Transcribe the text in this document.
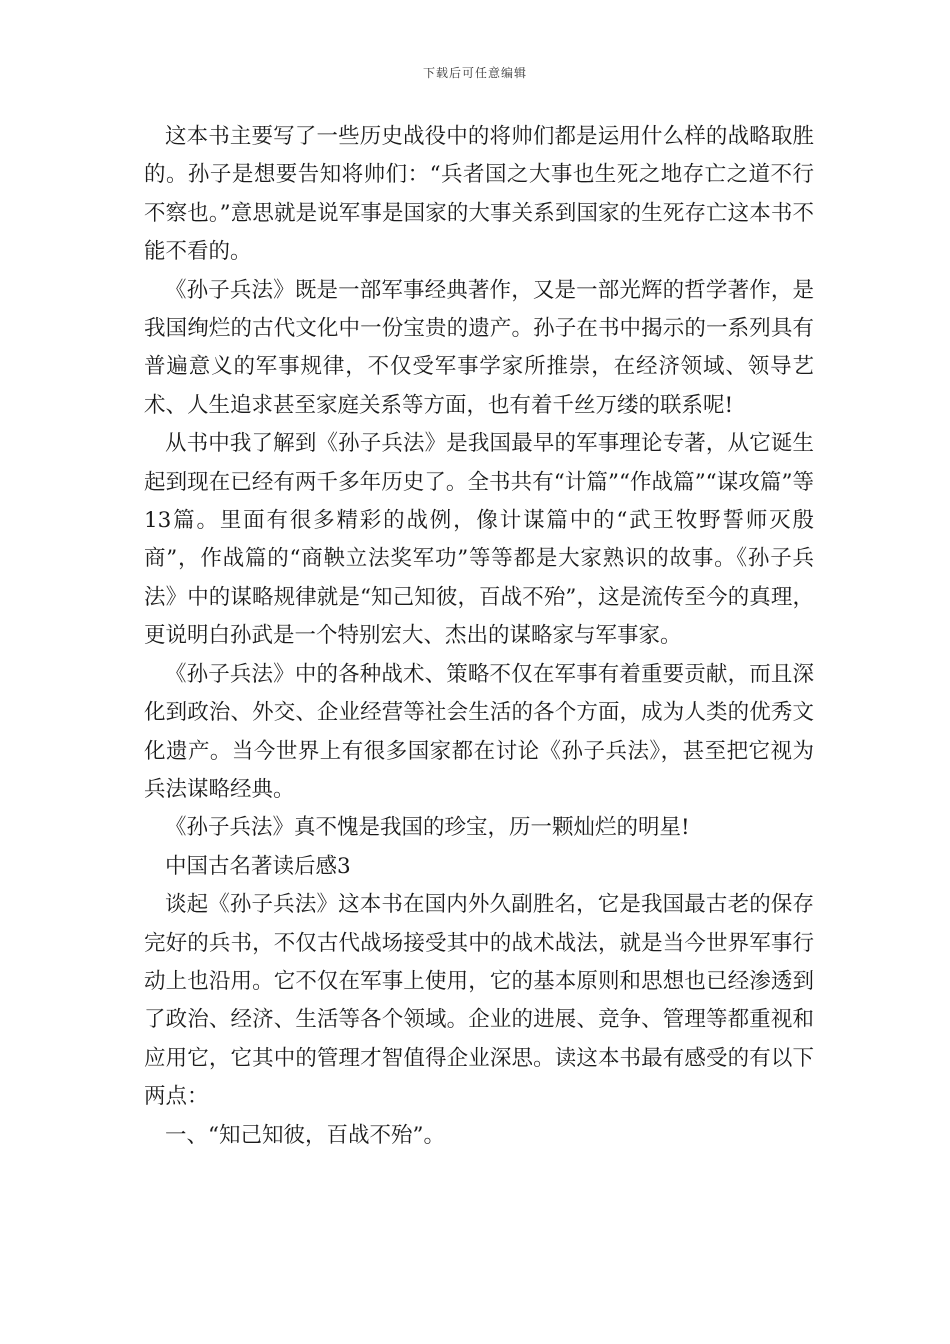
下载后可任意编辑

这本书主要写了一些历史战役中的将帅们都是运用什么样的战略取胜的。孙子是想要告知将帅们：“兵者国之大事也生死之地存亡之道不行不察也。”意思就是说军事是国家的大事关系到国家的生死存亡这本书不能不看的。

《孙子兵法》既是一部军事经典著作，又是一部光辉的哲学著作，是我国绚烂的古代文化中一份宝贵的遗产。孙子在书中揭示的一系列具有普遍意义的军事规律，不仅受军事学家所推崇，在经济领域、领导艺术、人生追求甚至家庭关系等方面，也有着千丝万缕的联系呢!

从书中我了解到《孙子兵法》是我国最早的军事理论专著，从它诞生起到现在已经有两千多年历史了。全书共有“计篇”“作战篇”“谋攻篇”等13篇。里面有很多精彩的战例，像计谋篇中的“武王牧野誓师灭殷商”，作战篇的“商鞅立法奖军功”等等都是大家熟识的故事。《孙子兵法》中的谋略规律就是“知己知彼，百战不殆”，这是流传至今的真理，更说明白孙武是一个特别宏大、杰出的谋略家与军事家。

《孙子兵法》中的各种战术、策略不仅在军事有着重要贡献，而且深化到政治、外交、企业经营等社会生活的各个方面，成为人类的优秀文化遗产。当今世界上有很多国家都在讨论《孙子兵法》，甚至把它视为兵法谋略经典。

《孙子兵法》真不愧是我国的珍宝，历一颗灿烂的明星!

中国古名著读后感3

谈起《孙子兵法》这本书在国内外久副胜名，它是我国最古老的保存完好的兵书，不仅古代战场接受其中的战术战法，就是当今世界军事行动上也沿用。它不仅在军事上使用，它的基本原则和思想也已经渗透到了政治、经济、生活等各个领域。企业的进展、竞争、管理等都重视和应用它，它其中的管理才智值得企业深思。读这本书最有感受的有以下两点：

一、“知己知彼，百战不殆”。
